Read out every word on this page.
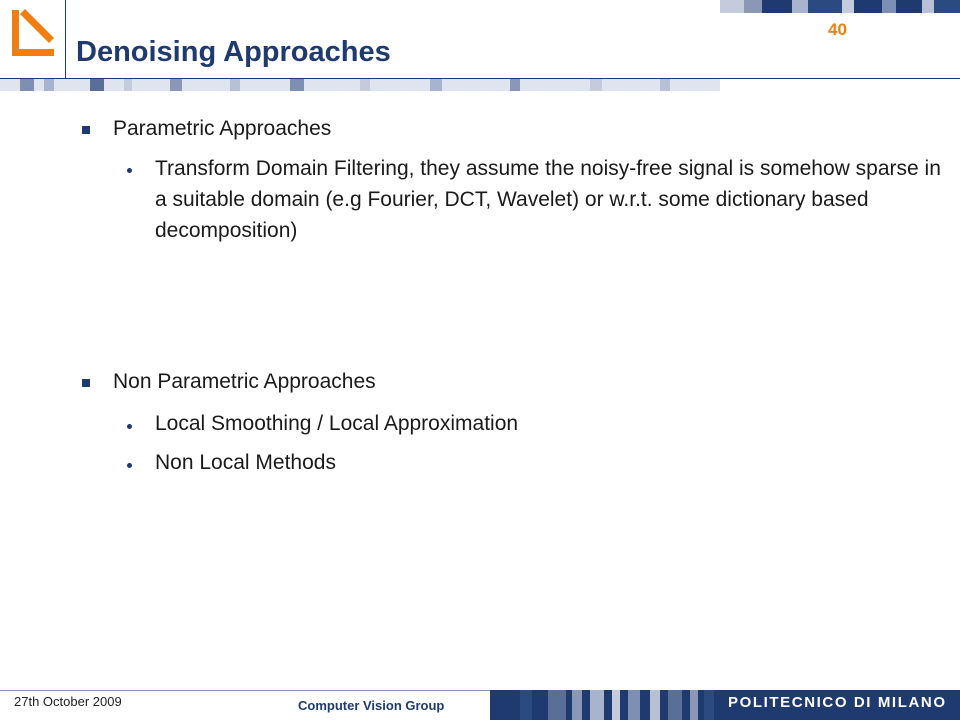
Denoising Approaches
40
Parametric Approaches
Transform Domain Filtering, they assume the noisy-free signal is somehow sparse in a suitable domain (e.g Fourier, DCT, Wavelet) or w.r.t. some dictionary based decomposition)
Non Parametric Approaches
Local Smoothing / Local Approximation
Non Local Methods
27th October 2009	Computer Vision Group	POLITECNICO DI MILANO
